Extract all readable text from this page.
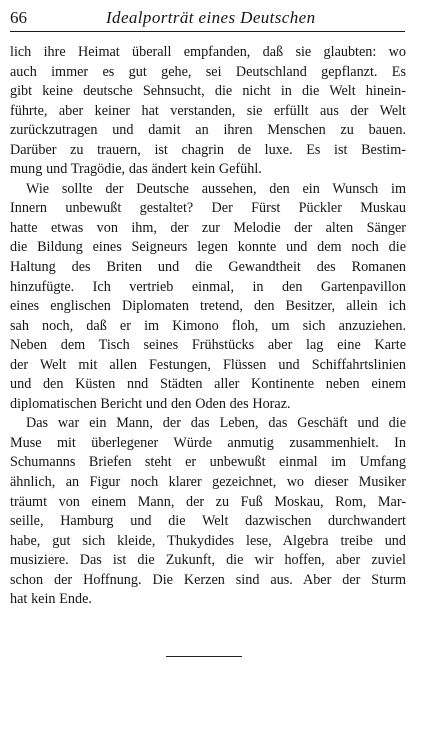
66	Idealporträt eines Deutschen
lich ihre Heimat überall empfanden, daß sie glaubten: wo
auch immer es gut gehe, sei Deutschland gepflanzt. Es
gibt keine deutsche Sehnsucht, die nicht in die Welt hinein-
führte, aber keiner hat verstanden, sie erfüllt aus der Welt
zurückzutragen und damit an ihren Menschen zu bauen.
Darüber zu trauern, ist chagrin de luxe. Es ist Bestim-
mung und Tragödie, das ändert kein Gefühl.
Wie sollte der Deutsche aussehen, den ein Wunsch im
Innern unbewußt gestaltet? Der Fürst Pückler Muskau
hatte etwas von ihm, der zur Melodie der alten Sänger
die Bildung eines Seigneurs legen konnte und dem noch die
Haltung des Briten und die Gewandtheit des Romanen
hinzufügte. Ich vertrieb einmal, in den Gartenpavillon
eines englischen Diplomaten tretend, den Besitzer, allein ich
sah noch, daß er im Kimono floh, um sich anzuziehen.
Neben dem Tisch seines Frühstücks aber lag eine Karte
der Welt mit allen Festungen, Flüssen und Schiffahrtslinien
und den Küsten nnd Städten aller Kontinente neben einem
diplomatischen Bericht und den Oden des Horaz.
Das war ein Mann, der das Leben, das Geschäft und die
Muse mit überlegener Würde anmutig zusammenhielt. In
Schumanns Briefen steht er unbewußt einmal im Umfang
ähnlich, an Figur noch klarer gezeichnet, wo dieser Musiker
träumt von einem Mann, der zu Fuß Moskau, Rom, Mar-
seille, Hamburg und die Welt dazwischen durchwandert
habe, gut sich kleide, Thukydides lese, Algebra treibe und
musiziere. Das ist die Zukunft, die wir hoffen, aber zuviel
schon der Hoffnung. Die Kerzen sind aus. Aber der Sturm
hat kein Ende.
